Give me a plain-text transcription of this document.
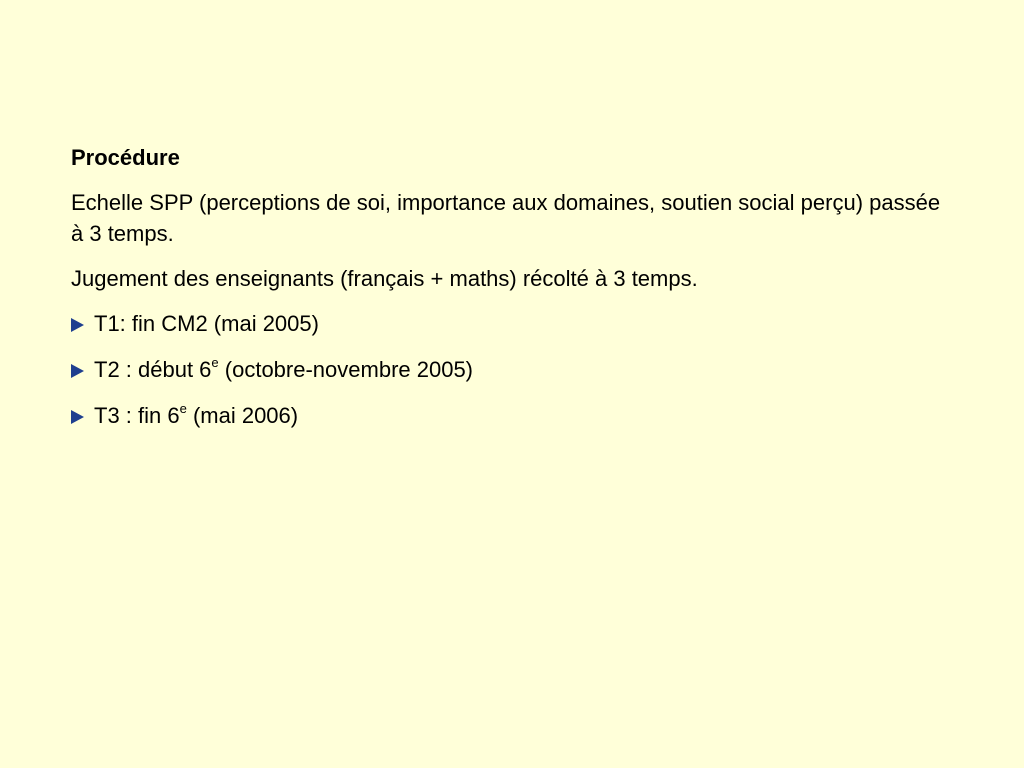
Procédure
Echelle SPP (perceptions de soi, importance aux domaines, soutien social perçu) passée à 3 temps.
Jugement des enseignants (français + maths) récolté à 3 temps.
T1: fin CM2 (mai 2005)
T2 : début 6e (octobre-novembre 2005)
T3 : fin 6e (mai 2006)
